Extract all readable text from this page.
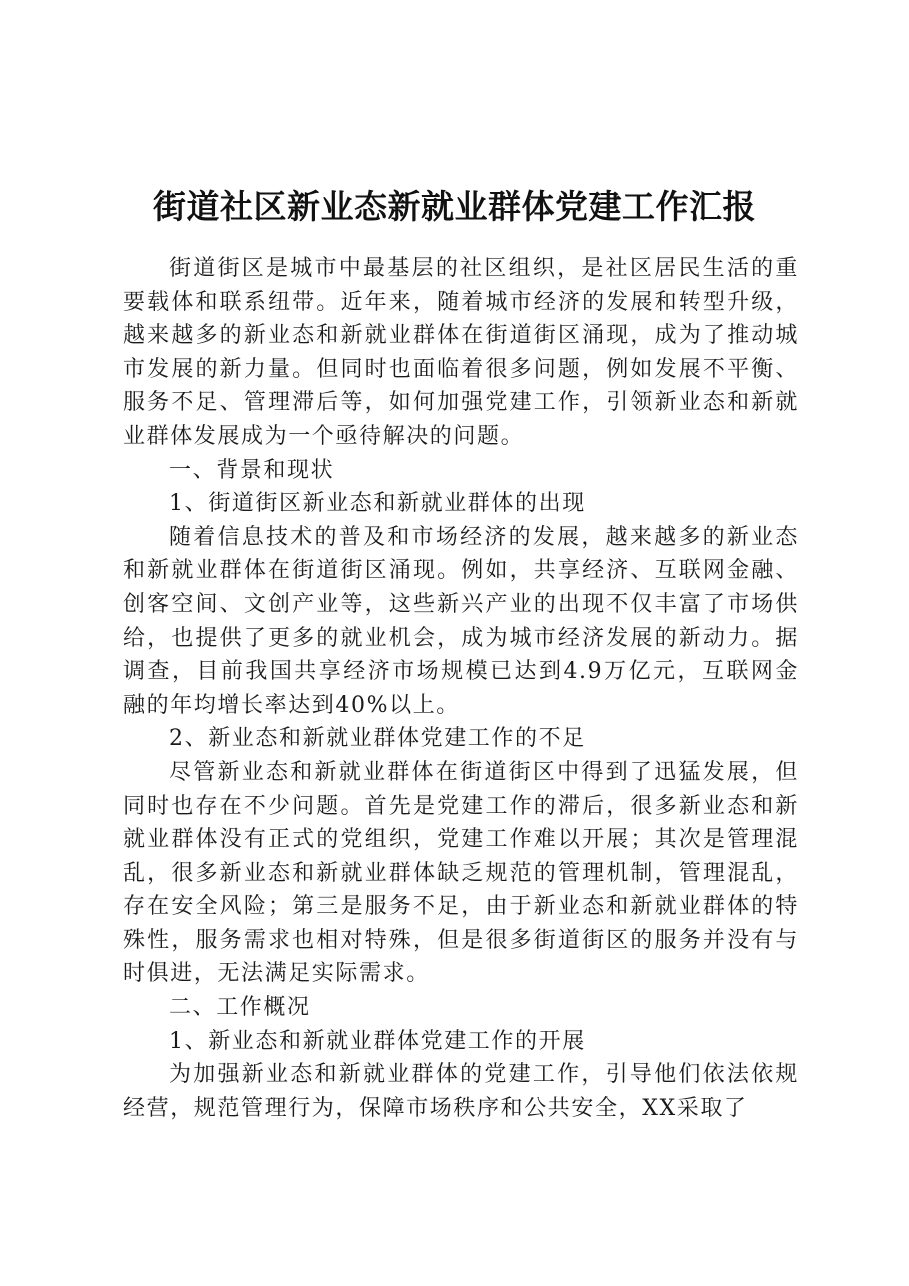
街道社区新业态新就业群体党建工作汇报

街道街区是城市中最基层的社区组织，是社区居民生活的重要载体和联系纽带。近年来，随着城市经济的发展和转型升级，越来越多的新业态和新就业群体在街道街区涌现，成为了推动城市发展的新力量。但同时也面临着很多问题，例如发展不平衡、服务不足、管理滞后等，如何加强党建工作，引领新业态和新就业群体发展成为一个亟待解决的问题。

一、背景和现状

1、街道街区新业态和新就业群体的出现

随着信息技术的普及和市场经济的发展，越来越多的新业态和新就业群体在街道街区涌现。例如，共享经济、互联网金融、创客空间、文创产业等，这些新兴产业的出现不仅丰富了市场供给，也提供了更多的就业机会，成为城市经济发展的新动力。据调查，目前我国共享经济市场规模已达到4.9万亿元，互联网金融的年均增长率达到40%以上。

2、新业态和新就业群体党建工作的不足

尽管新业态和新就业群体在街道街区中得到了迅猛发展，但同时也存在不少问题。首先是党建工作的滞后，很多新业态和新就业群体没有正式的党组织，党建工作难以开展；其次是管理混乱，很多新业态和新就业群体缺乏规范的管理机制，管理混乱，存在安全风险；第三是服务不足，由于新业态和新就业群体的特殊性，服务需求也相对特殊，但是很多街道街区的服务并没有与时俱进，无法满足实际需求。

二、工作概况

1、新业态和新就业群体党建工作的开展

为加强新业态和新就业群体的党建工作，引导他们依法依规经营，规范管理行为，保障市场秩序和公共安全，XX采取了
